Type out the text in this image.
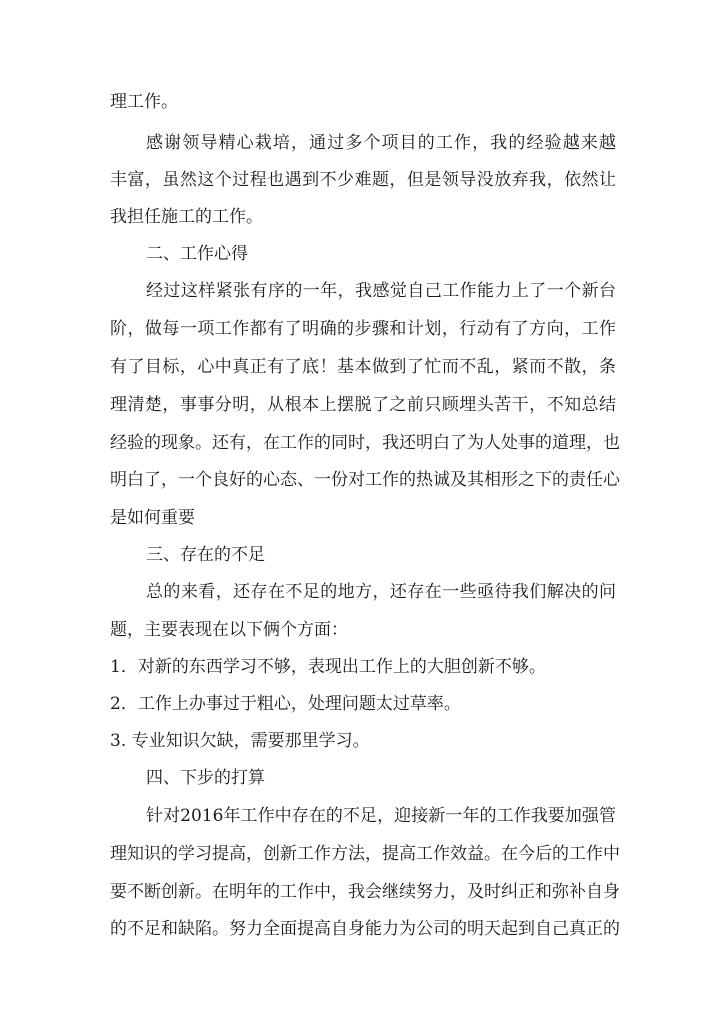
理工作。
感谢领导精心栽培，通过多个项目的工作，我的经验越来越
丰富，虽然这个过程也遇到不少难题，但是领导没放弃我，依然让
我担任施工的工作。
二、工作心得
经过这样紧张有序的一年，我感觉自己工作能力上了一个新台
阶，做每一项工作都有了明确的步骤和计划，行动有了方向，工作
有了目标，心中真正有了底！基本做到了忙而不乱，紧而不散，条
理清楚，事事分明，从根本上摆脱了之前只顾埋头苦干，不知总结
经验的现象。还有，在工作的同时，我还明白了为人处事的道理，也
明白了，一个良好的心态、一份对工作的热诚及其相形之下的责任心
是如何重要
三、存在的不足
总的来看，还存在不足的地方，还存在一些亟待我们解决的问
题，主要表现在以下俩个方面：
1．对新的东西学习不够，表现出工作上的大胆创新不够。
2．工作上办事过于粗心，处理问题太过草率。
3. 专业知识欠缺，需要那里学习。
四、下步的打算
针对2016年工作中存在的不足，迎接新一年的工作我要加强管
理知识的学习提高，创新工作方法，提高工作效益。在今后的工作中
要不断创新。在明年的工作中，我会继续努力，及时纠正和弥补自身
的不足和缺陷。努力全面提高自身能力为公司的明天起到自己真正的
